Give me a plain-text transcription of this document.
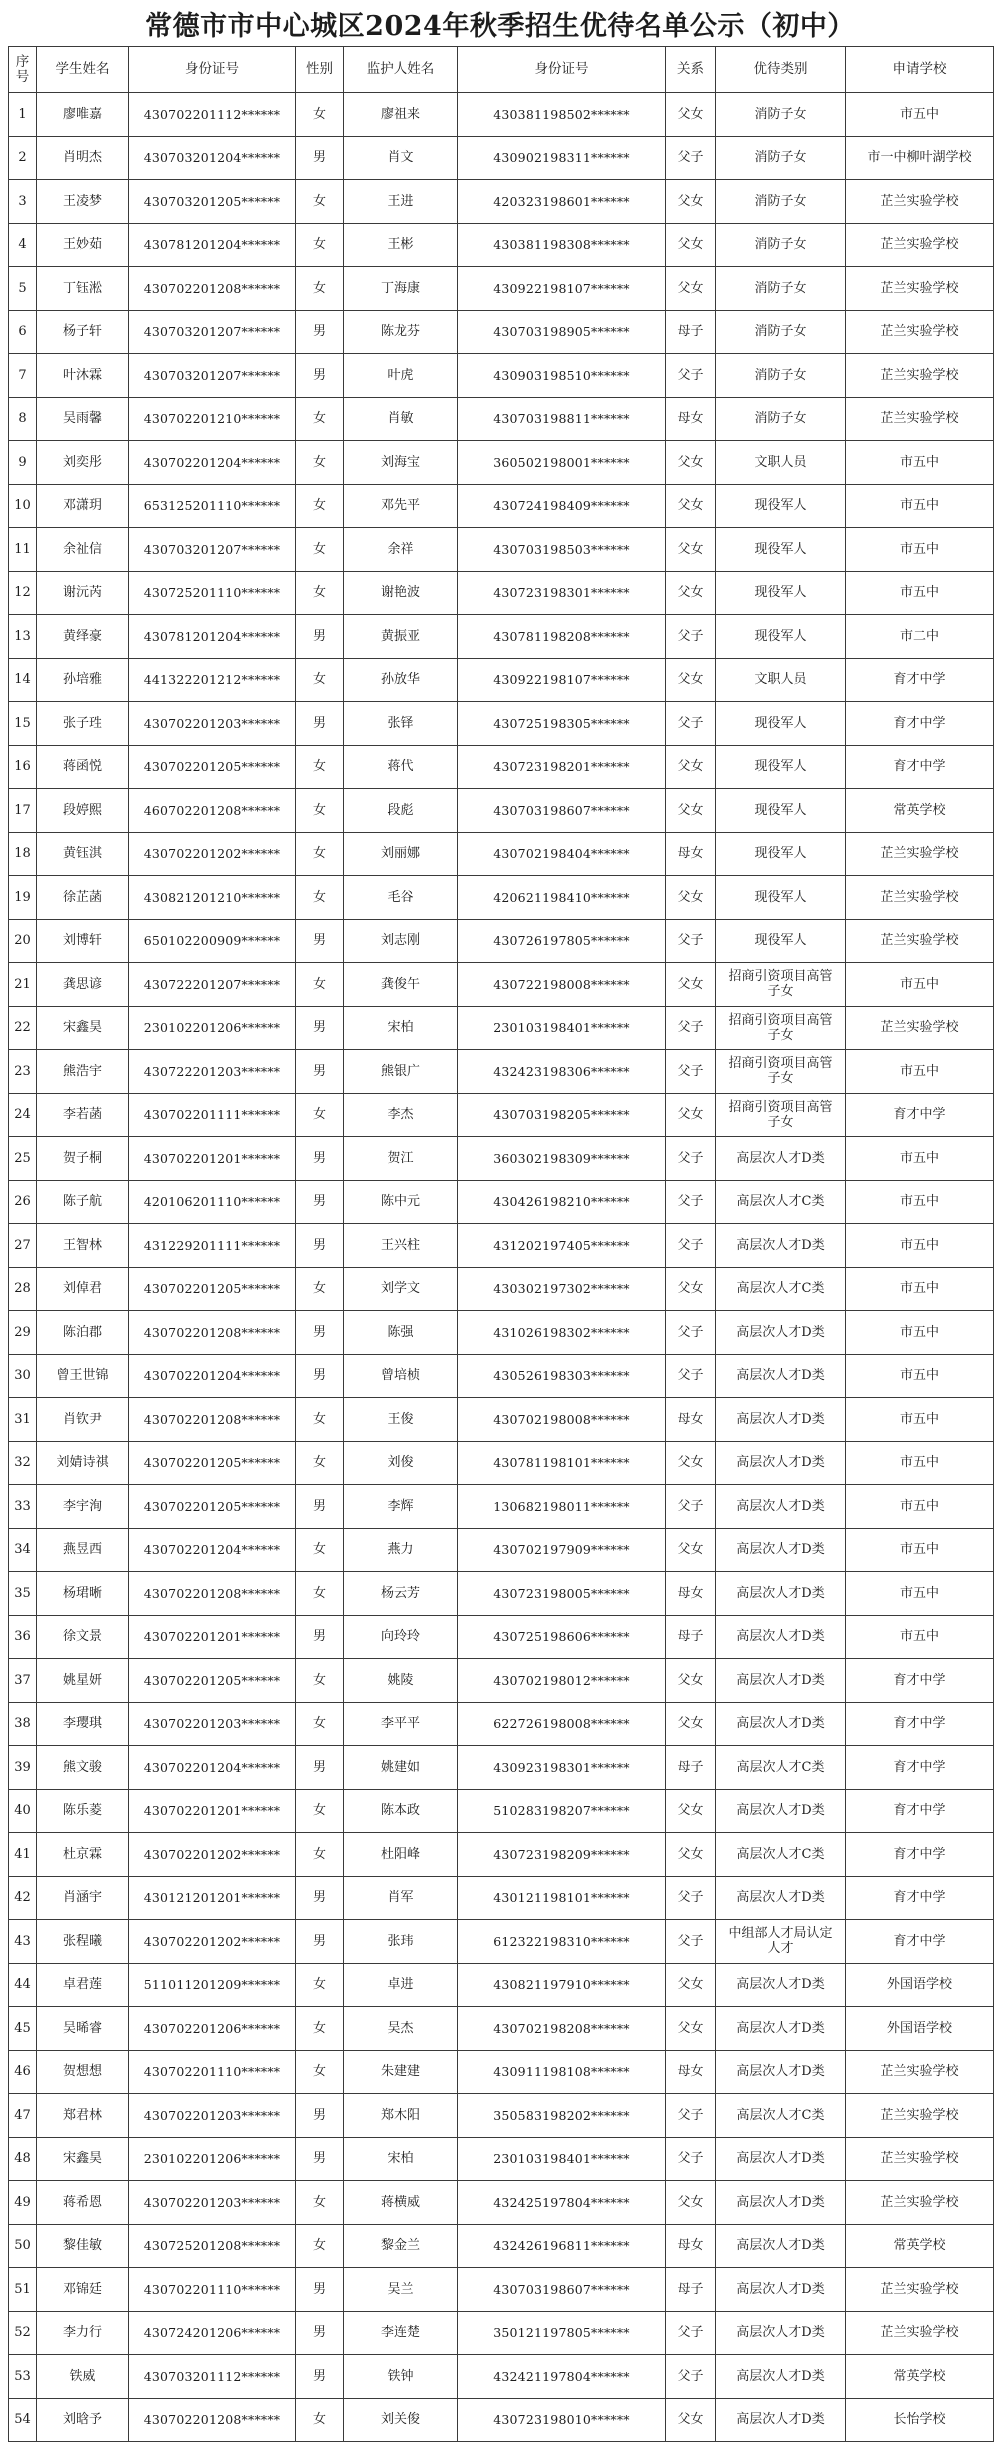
常德市市中心城区2024年秋季招生优待名单公示（初中）
序号	学生姓名	身份证号	性别	监护人姓名	身份证号	关系	优待类别	申请学校
1	廖唯嘉	430702201112******	女	廖祖来	430381198502******	父女	消防子女	市五中
2	肖明杰	430703201204******	男	肖文	430902198311******	父子	消防子女	市一中柳叶湖学校
3	王凌梦	430703201205******	女	王进	420323198601******	父女	消防子女	芷兰实验学校
4	王妙茹	430781201204******	女	王彬	430381198308******	父女	消防子女	芷兰实验学校
5	丁钰淞	430702201208******	女	丁海康	430922198107******	父女	消防子女	芷兰实验学校
6	杨子轩	430703201207******	男	陈龙芬	430703198905******	母子	消防子女	芷兰实验学校
7	叶沐霖	430703201207******	男	叶虎	430903198510******	父子	消防子女	芷兰实验学校
8	吴雨馨	430702201210******	女	肖敏	430703198811******	母女	消防子女	芷兰实验学校
9	刘奕彤	430702201204******	女	刘海宝	360502198001******	父女	文职人员	市五中
10	邓潇玥	653125201110******	女	邓先平	430724198409******	父女	现役军人	市五中
11	余祉信	430703201207******	女	余祥	430703198503******	父女	现役军人	市五中
12	谢沅芮	430725201110******	女	谢艳波	430723198301******	父女	现役军人	市五中
13	黄绎豪	430781201204******	男	黄振亚	430781198208******	父子	现役军人	市二中
14	孙培雅	441322201212******	女	孙放华	430922198107******	父女	文职人员	育才中学
15	张子珄	430702201203******	男	张铎	430725198305******	父子	现役军人	育才中学
16	蒋函悦	430702201205******	女	蒋代	430723198201******	父女	现役军人	育才中学
17	段婷熙	460702201208******	女	段彪	430703198607******	父女	现役军人	常英学校
18	黄钰淇	430702201202******	女	刘丽娜	430702198404******	母女	现役军人	芷兰实验学校
19	徐芷菡	430821201210******	女	毛谷	420621198410******	父女	现役军人	芷兰实验学校
20	刘博轩	650102200909******	男	刘志刚	430726197805******	父子	现役军人	芷兰实验学校
21	龚思谚	430722201207******	女	龚俊午	430722198008******	父女	招商引资项目高管子女	市五中
22	宋鑫昊	230102201206******	男	宋柏	230103198401******	父子	招商引资项目高管子女	芷兰实验学校
23	熊浩宇	430722201203******	男	熊银广	432423198306******	父子	招商引资项目高管子女	市五中
24	李若菡	430702201111******	女	李杰	430703198205******	父女	招商引资项目高管子女	育才中学
25	贺子桐	430702201201******	男	贺江	360302198309******	父子	高层次人才D类	市五中
26	陈子航	420106201110******	男	陈中元	430426198210******	父子	高层次人才C类	市五中
27	王智林	431229201111******	男	王兴柱	431202197405******	父子	高层次人才D类	市五中
28	刘倬君	430702201205******	女	刘学文	430302197302******	父女	高层次人才C类	市五中
29	陈泊郡	430702201208******	男	陈强	431026198302******	父子	高层次人才D类	市五中
30	曾王世锦	430702201204******	男	曾培桢	430526198303******	父子	高层次人才D类	市五中
31	肖钦尹	430702201208******	女	王俊	430702198008******	母女	高层次人才D类	市五中
32	刘婧诗祺	430702201205******	女	刘俊	430781198101******	父女	高层次人才D类	市五中
33	李宇洵	430702201205******	男	李辉	130682198011******	父子	高层次人才D类	市五中
34	燕昱西	430702201204******	女	燕力	430702197909******	父女	高层次人才D类	市五中
35	杨珺晰	430702201208******	女	杨云芳	430723198005******	母女	高层次人才D类	市五中
36	徐文景	430702201201******	男	向玲玲	430725198606******	母子	高层次人才D类	市五中
37	姚星妍	430702201205******	女	姚陵	430702198012******	父女	高层次人才D类	育才中学
38	李璎琪	430702201203******	女	李平平	622726198008******	父女	高层次人才D类	育才中学
39	熊文骏	430702201204******	男	姚建如	430923198301******	母子	高层次人才C类	育才中学
40	陈乐菱	430702201201******	女	陈本政	510283198207******	父女	高层次人才D类	育才中学
41	杜京霖	430702201202******	女	杜阳峰	430723198209******	父女	高层次人才C类	育才中学
42	肖涵宇	430121201201******	男	肖军	430121198101******	父子	高层次人才D类	育才中学
43	张程曦	430702201202******	男	张玮	612322198310******	父子	中组部人才局认定人才	育才中学
44	卓君莲	511011201209******	女	卓进	430821197910******	父女	高层次人才D类	外国语学校
45	吴晞睿	430702201206******	女	吴杰	430702198208******	父女	高层次人才D类	外国语学校
46	贺想想	430702201110******	女	朱建建	430911198108******	母女	高层次人才D类	芷兰实验学校
47	郑君林	430702201203******	男	郑木阳	350583198202******	父子	高层次人才C类	芷兰实验学校
48	宋鑫昊	230102201206******	男	宋柏	230103198401******	父子	高层次人才D类	芷兰实验学校
49	蒋希恩	430702201203******	女	蒋横威	432425197804******	父女	高层次人才D类	芷兰实验学校
50	黎佳敏	430725201208******	女	黎金兰	432426196811******	母女	高层次人才D类	常英学校
51	邓锦廷	430702201110******	男	吴兰	430703198607******	母子	高层次人才D类	芷兰实验学校
52	李力行	430724201206******	男	李连楚	350121197805******	父子	高层次人才D类	芷兰实验学校
53	铁威	430703201112******	男	铁钟	432421197804******	父子	高层次人才D类	常英学校
54	刘晗予	430702201208******	女	刘关俊	430723198010******	父女	高层次人才D类	长怡学校
